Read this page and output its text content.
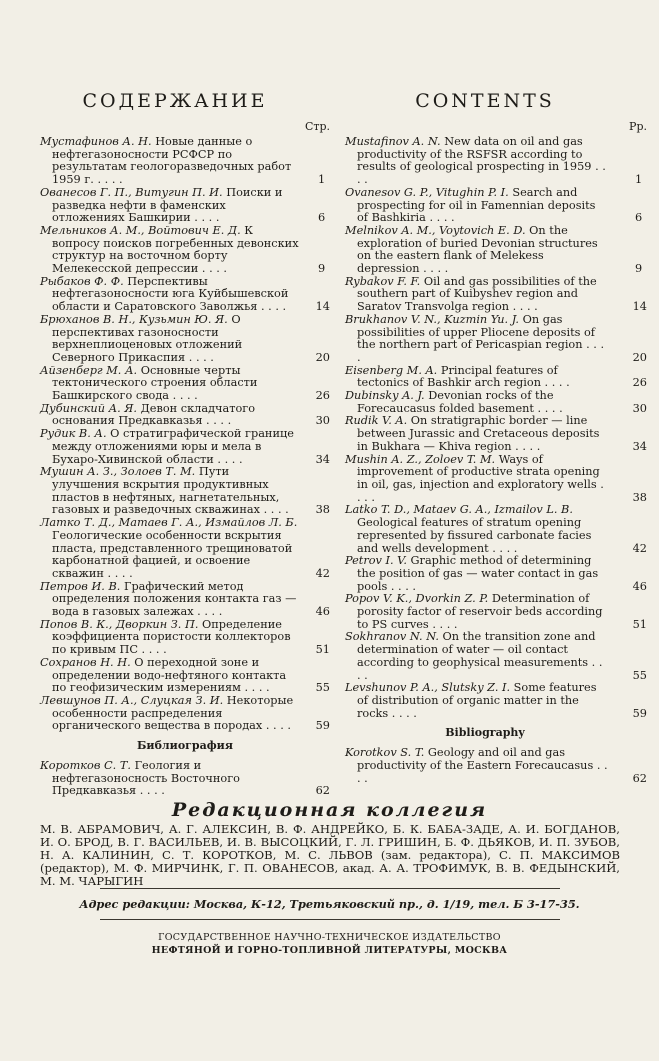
СОДЕРЖАНИЕ
Стр.
Мустафинов А. Н. Новые данные о нефтегазоносности РСФСР по результатам геологоразведочных работ 1959 г. . . . .	1
Ованесов Г. П., Витугин П. И. Поиски и разведка нефти в фаменских отложениях Башкирии . . . .	6
Мельников А. М., Войтович Е. Д. К вопросу поисков погребенных девонских структур на восточном борту Мелекесской депрессии . . . .	9
Рыбаков Ф. Ф. Перспективы нефтегазоносности юга Куйбышевской области и Саратовского Заволжья . . . .	14
Брюханов В. Н., Кузьмин Ю. Я. О перспективах газоносности верхнеплиоценовых отложений Северного Прикаспия . . . .	20
Айзенберг М. А. Основные черты тектонического строения области Башкирского свода . . . .	26
Дубинский А. Я. Девон складчатого основания Предкавказья . . . .	30
Рудик В. А. О стратиграфической границе между отложениями юры и мела в Бухаро-Хивинской области . . . .	34
Мушин А. З., Золоев Т. М. Пути улучшения вскрытия продуктивных пластов в нефтяных, нагнетательных, газовых и разведочных скважинах . . . . 38
Латко Т. Д., Матаев Г. А., Измайлов Л. Б. Геологические особенности вскрытия пласта, представленного трещиноватой карбонатной фацией, и освоение скважин . . . .	42
Петров И. В. Графический метод определения положения контакта газ — вода в газовых залежах . . . .	46
Попов В. К., Дворкин З. П. Определение коэффициента пористости коллекторов по кривым ПС . . . .	51
Сохранов Н. Н. О переходной зоне и определении водо-нефтяного контакта по геофизическим измерениям . . . .	55
Левшунов П. А., Слуцкая З. И. Некоторые особенности распределения органического вещества в породах . . . . 59
Библиография
Коротков С. Т. Геология и нефтегазоносность Восточного Предкавказья . . . .	62
CONTENTS
Pp.
Mustafinov A. N. New data on oil and gas productivity of the RSFSR according to results of geological prospecting in 1959 . . . .	1
Ovanesov G. P., Vitughin P. I. Search and prospecting for oil in Famennian deposits of Bashkiria . . . .	6
Melnikov A. M., Voytovich E. D. On the exploration of buried Devonian structures on the eastern flank of Melekess depression . . . .	9
Rybakov F. F. Oil and gas possibilities of the southern part of Kuibyshev region and Saratov Transvolga region . . . .	14
Brukhanov V. N., Kuzmin Yu. J. On gas possibilities of upper Pliocene deposits of the northern part of Pericaspian region . . . .	20
Eisenberg M. A. Principal features of tectonics of Bashkir arch region . . . .	26
Dubinsky A. J. Devonian rocks of the Forecaucasus folded basement . . . .	30
Rudik V. A. On stratigraphic border — line between Jurassic and Cretaceous deposits in Bukhara — Khiva region . . . .	34
Mushin A. Z., Zoloev T. M. Ways of improvement of productive strata opening in oil, gas, injection and exploratory wells . . . .	38
Latko T. D., Mataev G. A., Izmailov L. B. Geological features of stratum opening represented by fissured carbonate facies and wells development . . . .	42
Petrov I. V. Graphic method of determining the position of gas — water contact in gas pools . . . .	46
Popov V. K., Dvorkin Z. P. Determination of porosity factor of reservoir beds according to PS curves . . . .	51
Sokhranov N. N. On the transition zone and determination of water — oil contact according to geophysical measurements . . . .	55
Levshunov P. A., Slutsky Z. I. Some features of distribution of organic matter in the rocks . . . .	59
Bibliography
Korotkov S. T. Geology and oil and gas productivity of the Eastern Forecaucasus . . . .	62
Редакционная коллегия
М. В. АБРАМОВИЧ, А. Г. АЛЕКСИН, В. Ф. АНДРЕЙКО, Б. К. БАБА-ЗАДЕ, А. И. БОГДАНОВ, И. О. БРОД, В. Г. ВАСИЛЬЕВ, И. В. ВЫСОЦКИЙ, Г. Л. ГРИШИН, Б. Ф. ДЬЯКОВ, И. П. ЗУБОВ, Н. А. КАЛИНИН, С. Т. КОРОТКОВ, М. С. ЛЬВОВ (зам. редактора), С. П. МАКСИМОВ (редактор), М. Ф. МИРЧИНК, Г. П. ОВАНЕСОВ, акад. А. А. ТРОФИМУК, В. В. ФЕДЫНСКИЙ, М. М. ЧАРЫГИН
Адрес редакции: Москва, К-12, Третьяковский пр., д. 1/19, тел. Б 3-17-35.
ГОСУДАРСТВЕННОЕ НАУЧНО-ТЕХНИЧЕСКОЕ ИЗДАТЕЛЬСТВО
НЕФТЯНОЙ И ГОРНО-ТОПЛИВНОЙ ЛИТЕРАТУРЫ, МОСКВА
